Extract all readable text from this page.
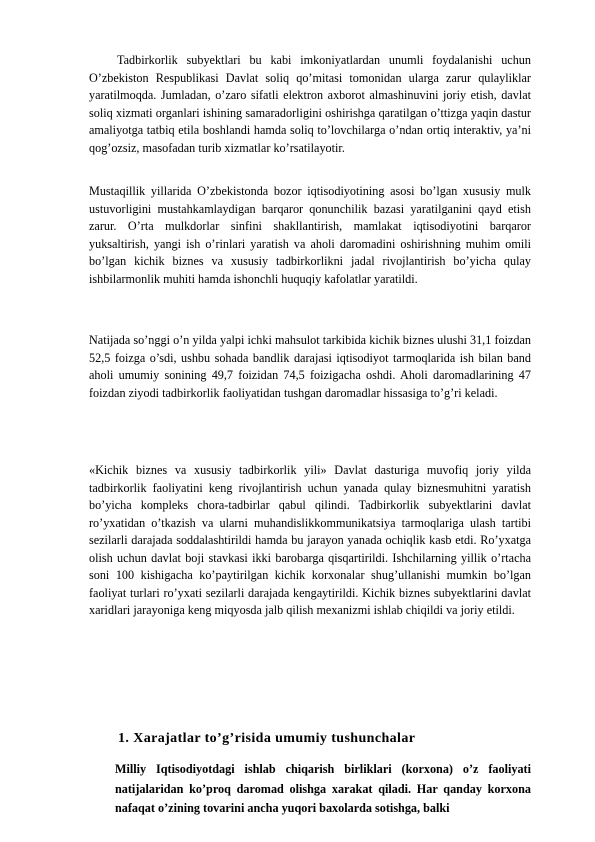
Tadbirkorlik subyektlari bu kabi imkoniyatlardan unumli foydalanishi uchun O’zbekiston Respublikasi Davlat soliq qo’mitasi tomonidan ularga zarur qulayliklar yaratilmoqda. Jumladan, o’zaro sifatli elektron axborot almashinuvini joriy etish, davlat soliq xizmati organlari ishining samaradorligini oshirishga qaratilgan o’ttizga yaqin dastur amaliyotga tatbiq etila boshlandi hamda soliq to’lovchilarga o’ndan ortiq interaktiv, ya’ni qog’ozsiz, masofadan turib xizmatlar ko’rsatilayotir.

Mustaqillik yillarida O’zbekistonda bozor iqtisodiyotining asosi bo’lgan xususiy mulk ustuvorligini mustahkamlaydigan barqaror qonunchilik bazasi yaratilganini qayd etish zarur. O’rta mulkdorlar sinfini shakllantirish, mamlakat iqtisodiyotini barqaror yuksaltirish, yangi ish o’rinlari yaratish va aholi daromadini oshirishning muhim omili bo’lgan kichik biznes va xususiy tadbirkorlikni jadal rivojlantirish bo’yicha qulay ishbilarmonlik muhiti hamda ishonchli huquqiy kafolatlar yaratildi.

Natijada so’nggi o’n yilda yalpi ichki mahsulot tarkibida kichik biznes ulushi 31,1 foizdan 52,5 foizga o’sdi, ushbu sohada bandlik darajasi iqtisodiyot tarmoqlarida ish bilan band aholi umumiy sonining 49,7 foizidan 74,5 foizigacha oshdi. Aholi daromadlarining 47 foizdan ziyodi tadbirkorlik faoliyatidan tushgan daromadlar hissasiga to’g’ri keladi.

«Kichik biznes va xususiy tadbirkorlik yili» Davlat dasturiga muvofiq joriy yilda tadbirkorlik faoliyatini keng rivojlantirish uchun yanada qulay biznesmuhitni yaratish bo’yicha kompleks chora-tadbirlar qabul qilindi. Tadbirkorlik subyektlarini davlat ro’yxatidan o’tkazish va ularni muhandislikkommunikatsiya tarmoqlariga ulash tartibi sezilarli darajada soddalashtirildi hamda bu jarayon yanada ochiqlik kasb etdi. Ro’yxatga olish uchun davlat boji stavkasi ikki barobarga qisqartirildi. Ishchilarning yillik o’rtacha soni 100 kishigacha ko’paytirilgan kichik korxonalar shug’ullanishi mumkin bo’lgan faoliyat turlari ro’yxati sezilarli darajada kengaytirildi. Kichik biznes subyektlarini davlat xaridlari jarayoniga keng miqyosda jalb qilish mexanizmi ishlab chiqildi va joriy etildi.

1. Xarajatlar to’g’risida umumiy tushunchalar

Milliy Iqtisodiyotdagi ishlab chiqarish birliklari (korxona) o’z faoliyati natijalaridan ko’proq daromad olishga xarakat qiladi. Har qanday korxona nafaqat o’zining tovarini ancha yuqori baxolarda sotishga, balki
